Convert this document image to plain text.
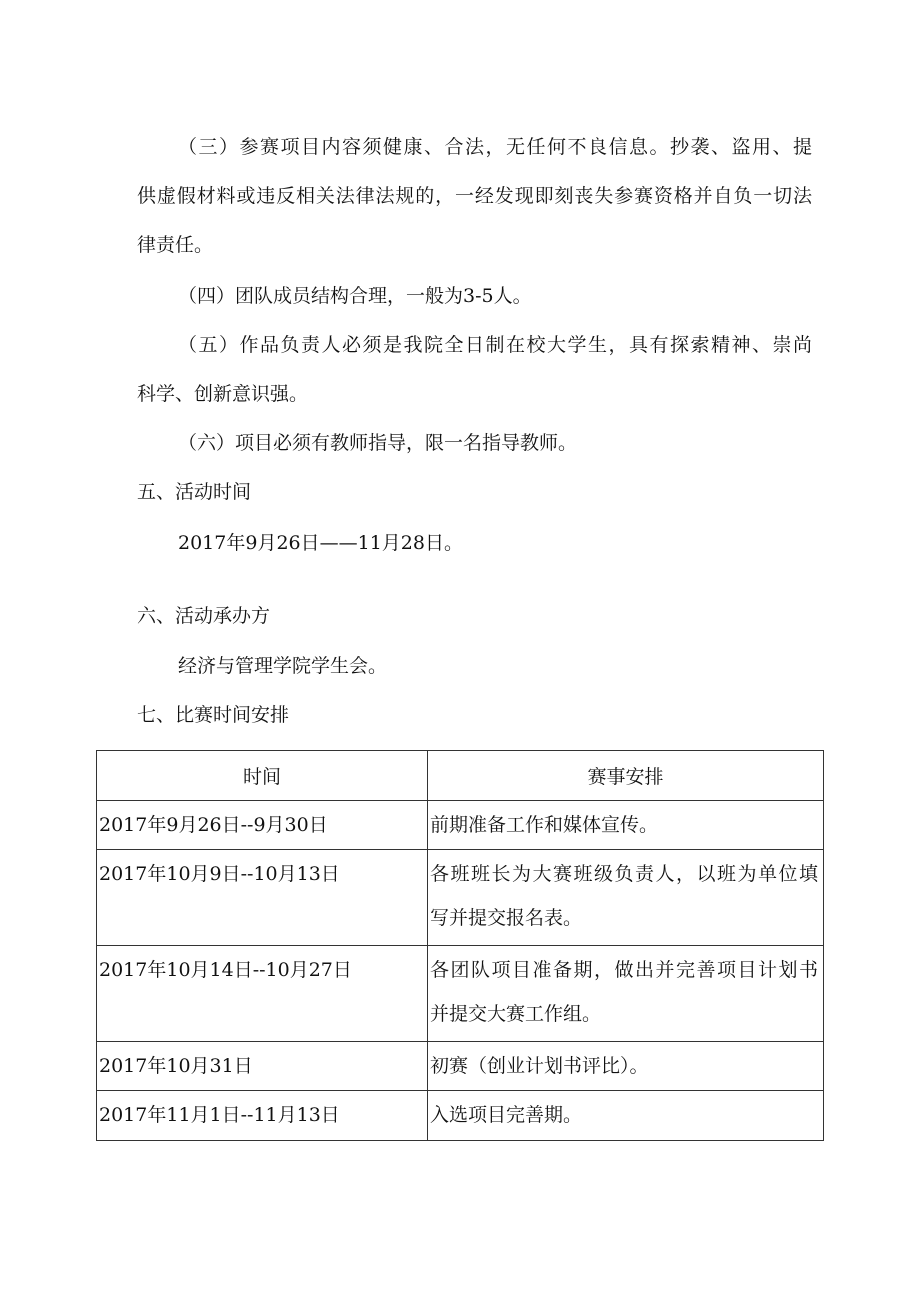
（三）参赛项目内容须健康、合法，无任何不良信息。抄袭、盗用、提
供虚假材料或违反相关法律法规的，一经发现即刻丧失参赛资格并自负一切法
律责任。
（四）团队成员结构合理，一般为3-5人。
（五）作品负责人必须是我院全日制在校大学生，具有探索精神、崇尚
科学、创新意识强。
（六）项目必须有教师指导，限一名指导教师。
五、活动时间
2017年9月26日——11月28日。
六、活动承办方
经济与管理学院学生会。
七、比赛时间安排
时间	赛事安排

2017年9月26日--9月30日	前期准备工作和媒体宣传。

2017年10月9日--10月13日	各班班长为大赛班级负责人，以班为单位填
写并提交报名表。

2017年10月14日--10月27日	各团队项目准备期，做出并完善项目计划书
并提交大赛工作组。

2017年10月31日	初赛（创业计划书评比）。

2017年11月1日--11月13日	入选项目完善期。
